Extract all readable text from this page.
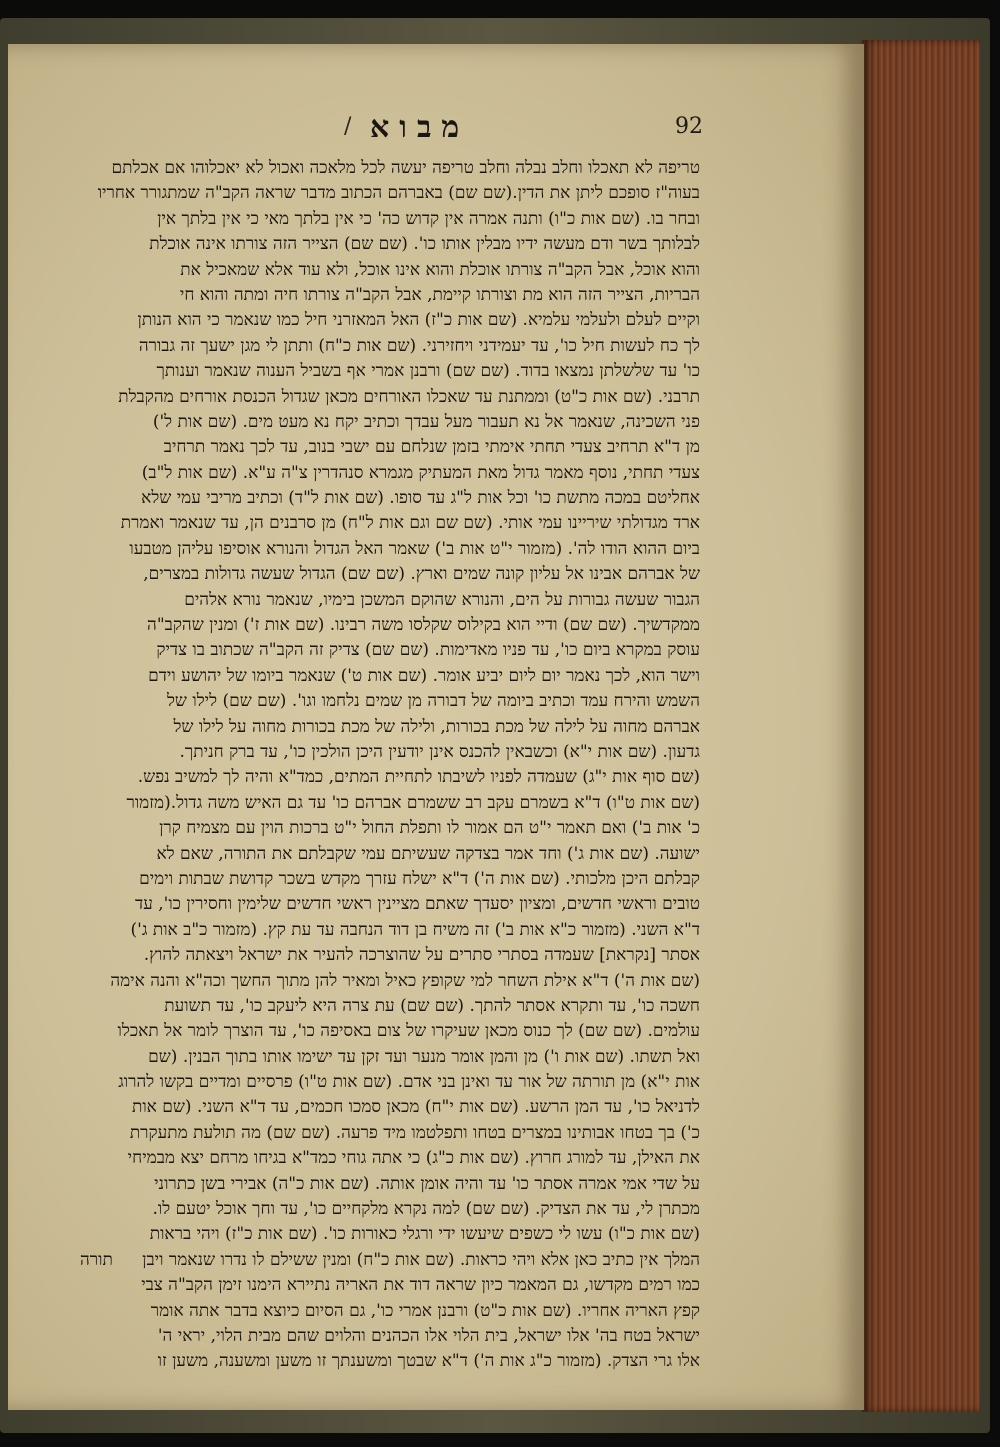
/ מבוא	92
טריפה לא תאכלו וחלב נבלה וחלב טריפה יעשה לכל מלאכה ואכול לא יאכלוהו אם אכלתם
בעוה"ז סופכם ליתן את הדין.(שם שם) באברהם הכתוב מדבר שראה הקב"ה שמתגורר אחריו
ובחר בו. (שם אות כ"ו) ותנה אמרה אין קדוש כה' כי אין בלתך מאי כי אין בלתך אין
לבלותך בשר ודם מעשה ידיו מבלין אותו כו'. (שם שם) הצייר הזה צורתו אינה אוכלת
והוא אוכל, אבל הקב"ה צורתו אוכלת והוא אינו אוכל, ולא עוד אלא שמאכיל את
הבריות, הצייר הזה הוא מת וצורתו קיימת, אבל הקב"ה צורתו חיה ומתה והוא חי
וקיים לעלם ולעלמי עלמיא. (שם אות כ"ז) האל המאזרני חיל כמו שנאמר כי הוא הנותן
לך כח לעשות חיל כו', עד יעמידני ויחזירני. (שם אות כ"ח) ותתן לי מגן ישעך זה גבורה
כו' עד שלשלתן נמצאו בדוד. (שם שם) ורבנן אמרי אף בשביל הענוה שנאמר וענותך
תרבני. (שם אות כ"ט) וממתנת עד שאכלו האורחים מכאן שגדול הכנסת אורחים מהקבלת
פני השכינה, שנאמר אל נא תעבור מעל עבדך וכתיב יקח נא מעט מים. (שם אות ל')
מן ד"א תרחיב צעדי תחתי אימתי בזמן שנלחם עם ישבי בנוב, עד לכך נאמר תרחיב
צעדי תחתי, נוסף מאמר גדול מאת המעתיק מגמרא סנהדרין צ"ה ע"א. (שם אות ל"ב)
אחליטם במכה מתשת כו' וכל אות ל"ג עד סופו. (שם אות ל"ד) וכתיב מריבי עמי שלא
ארד מגדולתי שיריינו עמי אותי. (שם שם וגם אות ל"ח) מן סרבנים הן, עד שנאמר ואמרת
ביום ההוא הודו לה'. (מזמור י"ט אות ב') שאמר האל הגדול והנורא אוסיפו עליהן מטבעו
של אברהם אבינו אל עליון קונה שמים וארץ. (שם שם) הגדול שעשה גדולות במצרים,
הגבור שעשה גבורות על הים, והנורא שהוקם המשכן בימיו, שנאמר נורא אלהים
ממקדשיך. (שם שם) ודיי הוא בקילוס שקלסו משה רבינו. (שם אות ז') ומנין שהקב"ה
עוסק במקרא ביום כו', עד פניו מאדימות. (שם שם) צדיק זה הקב"ה שכתוב בו צדיק
וישר הוא, לכך נאמר יום ליום יביע אומר. (שם אות ט') שנאמר ביומו של יהושע וידם
השמש והירח עמד וכתיב ביומה של דבורה מן שמים נלחמו וגו'. (שם שם) לילו של
אברהם מחוה על לילה של מכת בכורות, ולילה של מכת בכורות מחוה על לילו של
גדעון. (שם אות י"א) וכשבאין להכנס אינן יודעין היכן הולכין כו', עד ברק חניתך.
(שם סוף אות י"ג) שעמדה לפניו לשיבתו לתחיית המתים, כמד"א והיה לך למשיב נפש.
(שם אות ט"ו) ד"א בשמרם עקב רב ששמרם אברהם כו' עד גם האיש משה גדול.(מזמור
כ' אות ב') ואם תאמר י"ט הם אמור לו ותפלת החול י"ט ברכות הוין עם מצמיח קרן
ישועה. (שם אות ג') וחד אמר בצדקה שעשיתם עמי שקבלתם את התורה, שאם לא
קבלתם היכן מלכותי. (שם אות ה') ד"א ישלח עזרך מקדש בשכר קדושת שבתות וימים
טובים וראשי חדשים, ומציון יסעדך שאתם מציינין ראשי חדשים שלימין וחסירין כו', עד
ד"א השני. (מזמור כ"א אות ב') זה משיח בן דוד הנחבה עד עת קץ. (מזמור כ"ב אות ג')
אסתר [נקראת] שעמדה בסתרי סתרים על שהוצרכה להעיר את ישראל ויצאתה להוץ.
(שם אות ה') ד"א אילת השחר למי שקופץ כאיל ומאיר להן מתוך החשך וכה"א והנה אימה
חשכה כו', עד ותקרא אסתר להתך. (שם שם) עת צרה היא ליעקב כו', עד תשועת
עולמים. (שם שם) לך כנוס מכאן שעיקרו של צום באסיפה כו', עד הוצרך לומר אל תאכלו
ואל תשתו. (שם אות ו') מן והמן אומר מנער ועד זקן עד ישימו אותו בתוך הבנין. (שם
אות י"א) מן תורתה של אור עד ואינן בני אדם. (שם אות ט"ו) פרסיים ומדיים בקשו להרוג
לדניאל כו', עד המן הרשע. (שם אות י"ח) מכאן סמכו חכמים, עד ד"א השני. (שם אות
כ') בך בטחו אבותינו במצרים בטחו ותפלטמו מיד פרעה. (שם שם) מה תולעת מתעקרת
את האילן, עד למורג חרוץ. (שם אות כ"ג) כי אתה גוחי כמד"א בגיחו מרחם יצא מבמיחי
על שדי אמי אמרה אסתר כו' עד והיה אומן אותה. (שם אות כ"ה) אבירי בשן כתרוני
מכתרן לי, עד את הצדיק. (שם שם) למה נקרא מלקחיים כו', עד וחך אוכל יטעם לו.
(שם אות כ"ו) עשו לי כשפים שיעשו ידי ורגלי כאורות כו'. (שם אות כ"ז) ויהי בראות
המלך אין כתיב כאן אלא ויהי כראות. (שם אות כ"ח) ומנין ששילם לו נדרו שנאמר ויבן
כמו רמים מקדשו, גם המאמר כיון שראה דוד את האריה נתיירא הימנו זימן הקב"ה צבי
קפץ האריה אחריו. (שם אות כ"ט) ורבנן אמרי כו', גם הסיום כיוצא בדבר אתה אומר
ישראל בטח בה' אלו ישראל, בית הלוי אלו הכהנים והלוים שהם מבית הלוי, יראי ה'
אלו גרי הצדק. (מזמור כ"ג אות ה') ד"א שבטך ומשענתך זו משען ומשענה, משען זו
תורה
